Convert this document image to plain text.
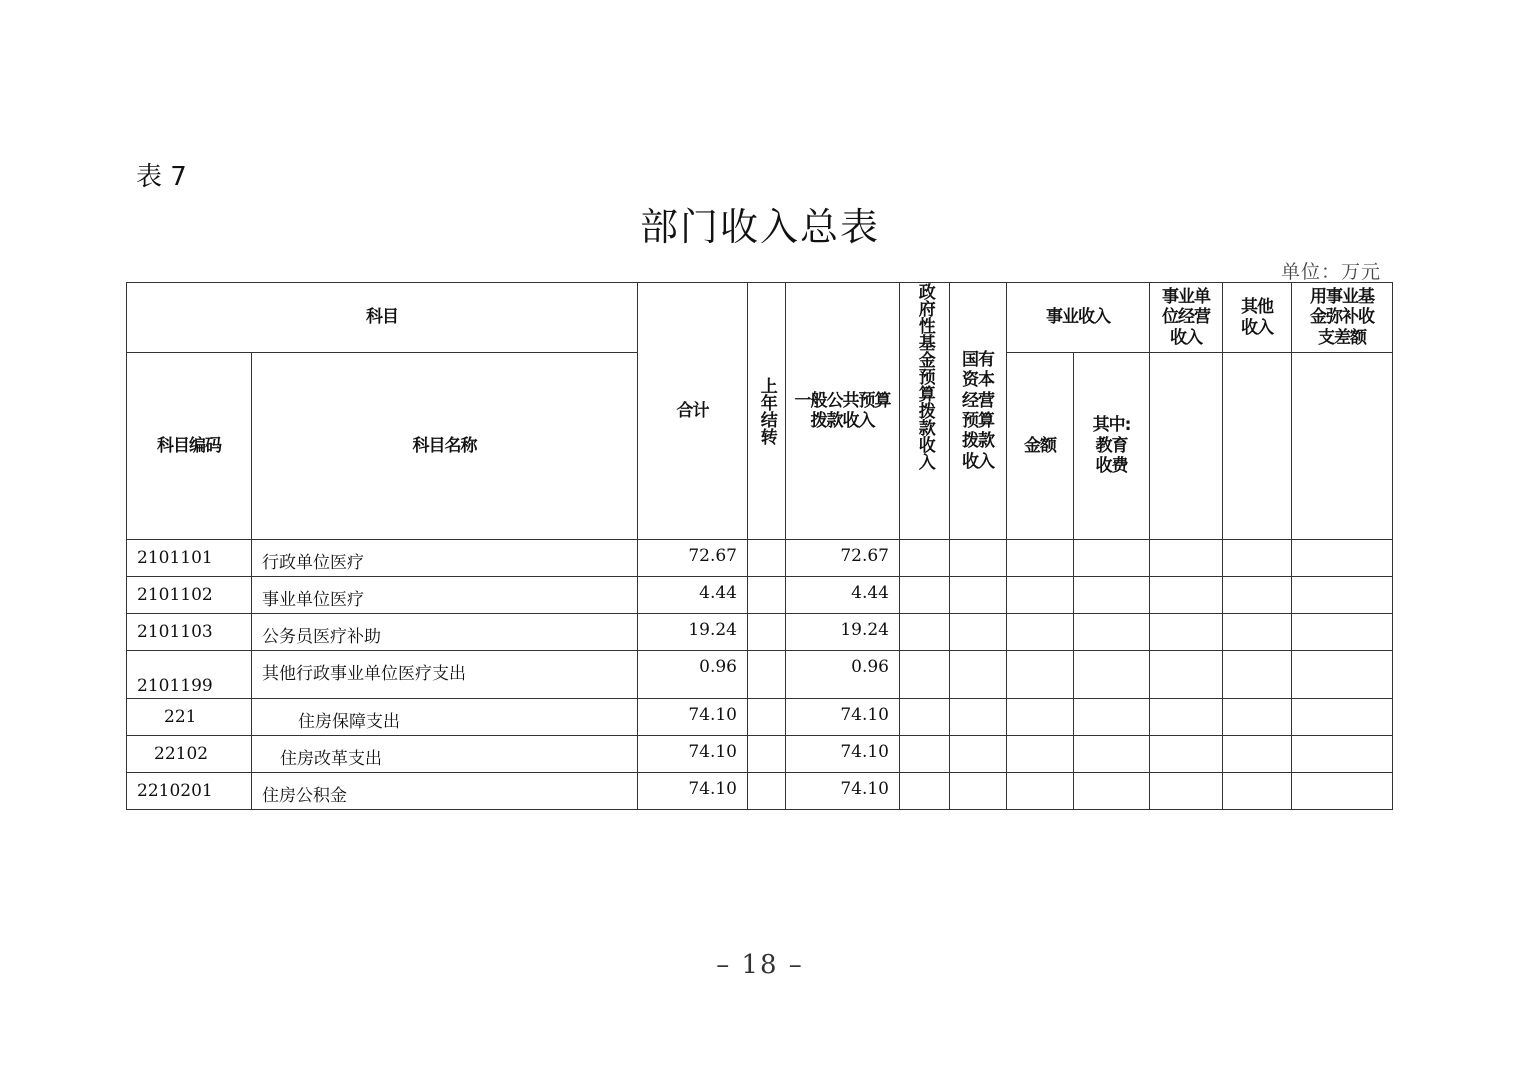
表 7
部门收入总表
单位：万元
科目		合计	上年结转	一般公共预算拨款收入	政府性基金预算拨款收入	国有资本经营预算拨款收入	事业收入		事业单位经营收入	其他收入	用事业基金弥补收支差额
科目编码	科目名称						金额	其中:教育收费			
2101101	行政单位医疗	72.67		72.67							
2101102	事业单位医疗	4.44		4.44							
2101103	公务员医疗补助	19.24		19.24							
2101199	其他行政事业单位医疗支出	0.96		0.96							
221	住房保障支出	74.10		74.10							
22102	住房改革支出	74.10		74.10							
2210201	住房公积金	74.10		74.10							
– 18 –
